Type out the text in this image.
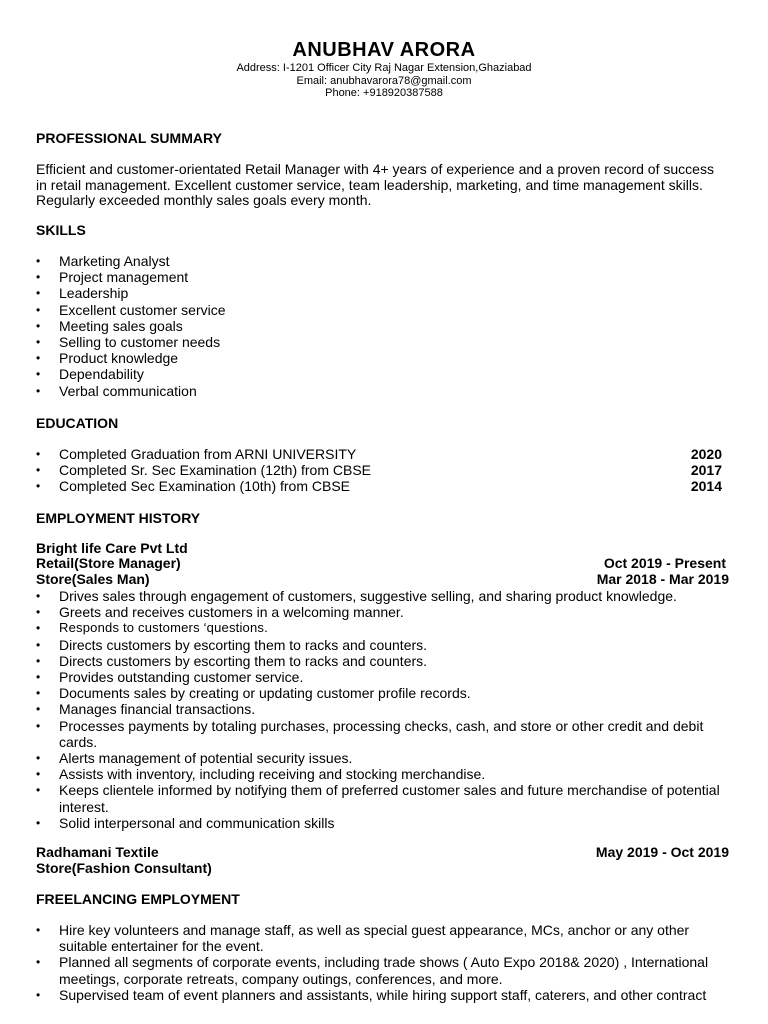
ANUBHAV ARORA
Address: I-1201 Officer City Raj Nagar Extension,Ghaziabad
Email: anubhavarora78@gmail.com
Phone: +918920387588
PROFESSIONAL SUMMARY
Efficient and customer-orientated Retail Manager with 4+ years of experience and a proven record of success
in retail management. Excellent customer service, team leadership, marketing, and time management skills.
Regularly exceeded monthly sales goals every month.
SKILLS
• Marketing Analyst
• Project management
• Leadership
• Excellent customer service
• Meeting sales goals
• Selling to customer needs
• Product knowledge
• Dependability
• Verbal communication
EDUCATION
• Completed Graduation from ARNI UNIVERSITY	2020
• Completed Sr. Sec Examination (12th) from CBSE	2017
• Completed Sec Examination (10th) from CBSE	2014
EMPLOYMENT HISTORY
Bright life Care Pvt Ltd
Retail(Store Manager)	Oct 2019 - Present
Store(Sales Man)	Mar 2018 - Mar 2019
• Drives sales through engagement of customers, suggestive selling, and sharing product knowledge.
• Greets and receives customers in a welcoming manner.
• Responds to customers ‘questions.
• Directs customers by escorting them to racks and counters.
• Directs customers by escorting them to racks and counters.
• Provides outstanding customer service.
• Documents sales by creating or updating customer profile records.
• Manages financial transactions.
• Processes payments by totaling purchases, processing checks, cash, and store or other credit and debit cards.
• Alerts management of potential security issues.
• Assists with inventory, including receiving and stocking merchandise.
• Keeps clientele informed by notifying them of preferred customer sales and future merchandise of potential interest.
• Solid interpersonal and communication skills
Radhamani Textile	May 2019 - Oct 2019
Store(Fashion Consultant)
FREELANCING EMPLOYMENT
• Hire key volunteers and manage staff, as well as special guest appearance, MCs, anchor or any other suitable entertainer for the event.
• Planned all segments of corporate events, including trade shows ( Auto Expo 2018& 2020) , International meetings, corporate retreats, company outings, conferences, and more.
• Supervised team of event planners and assistants, while hiring support staff, caterers, and other contract
